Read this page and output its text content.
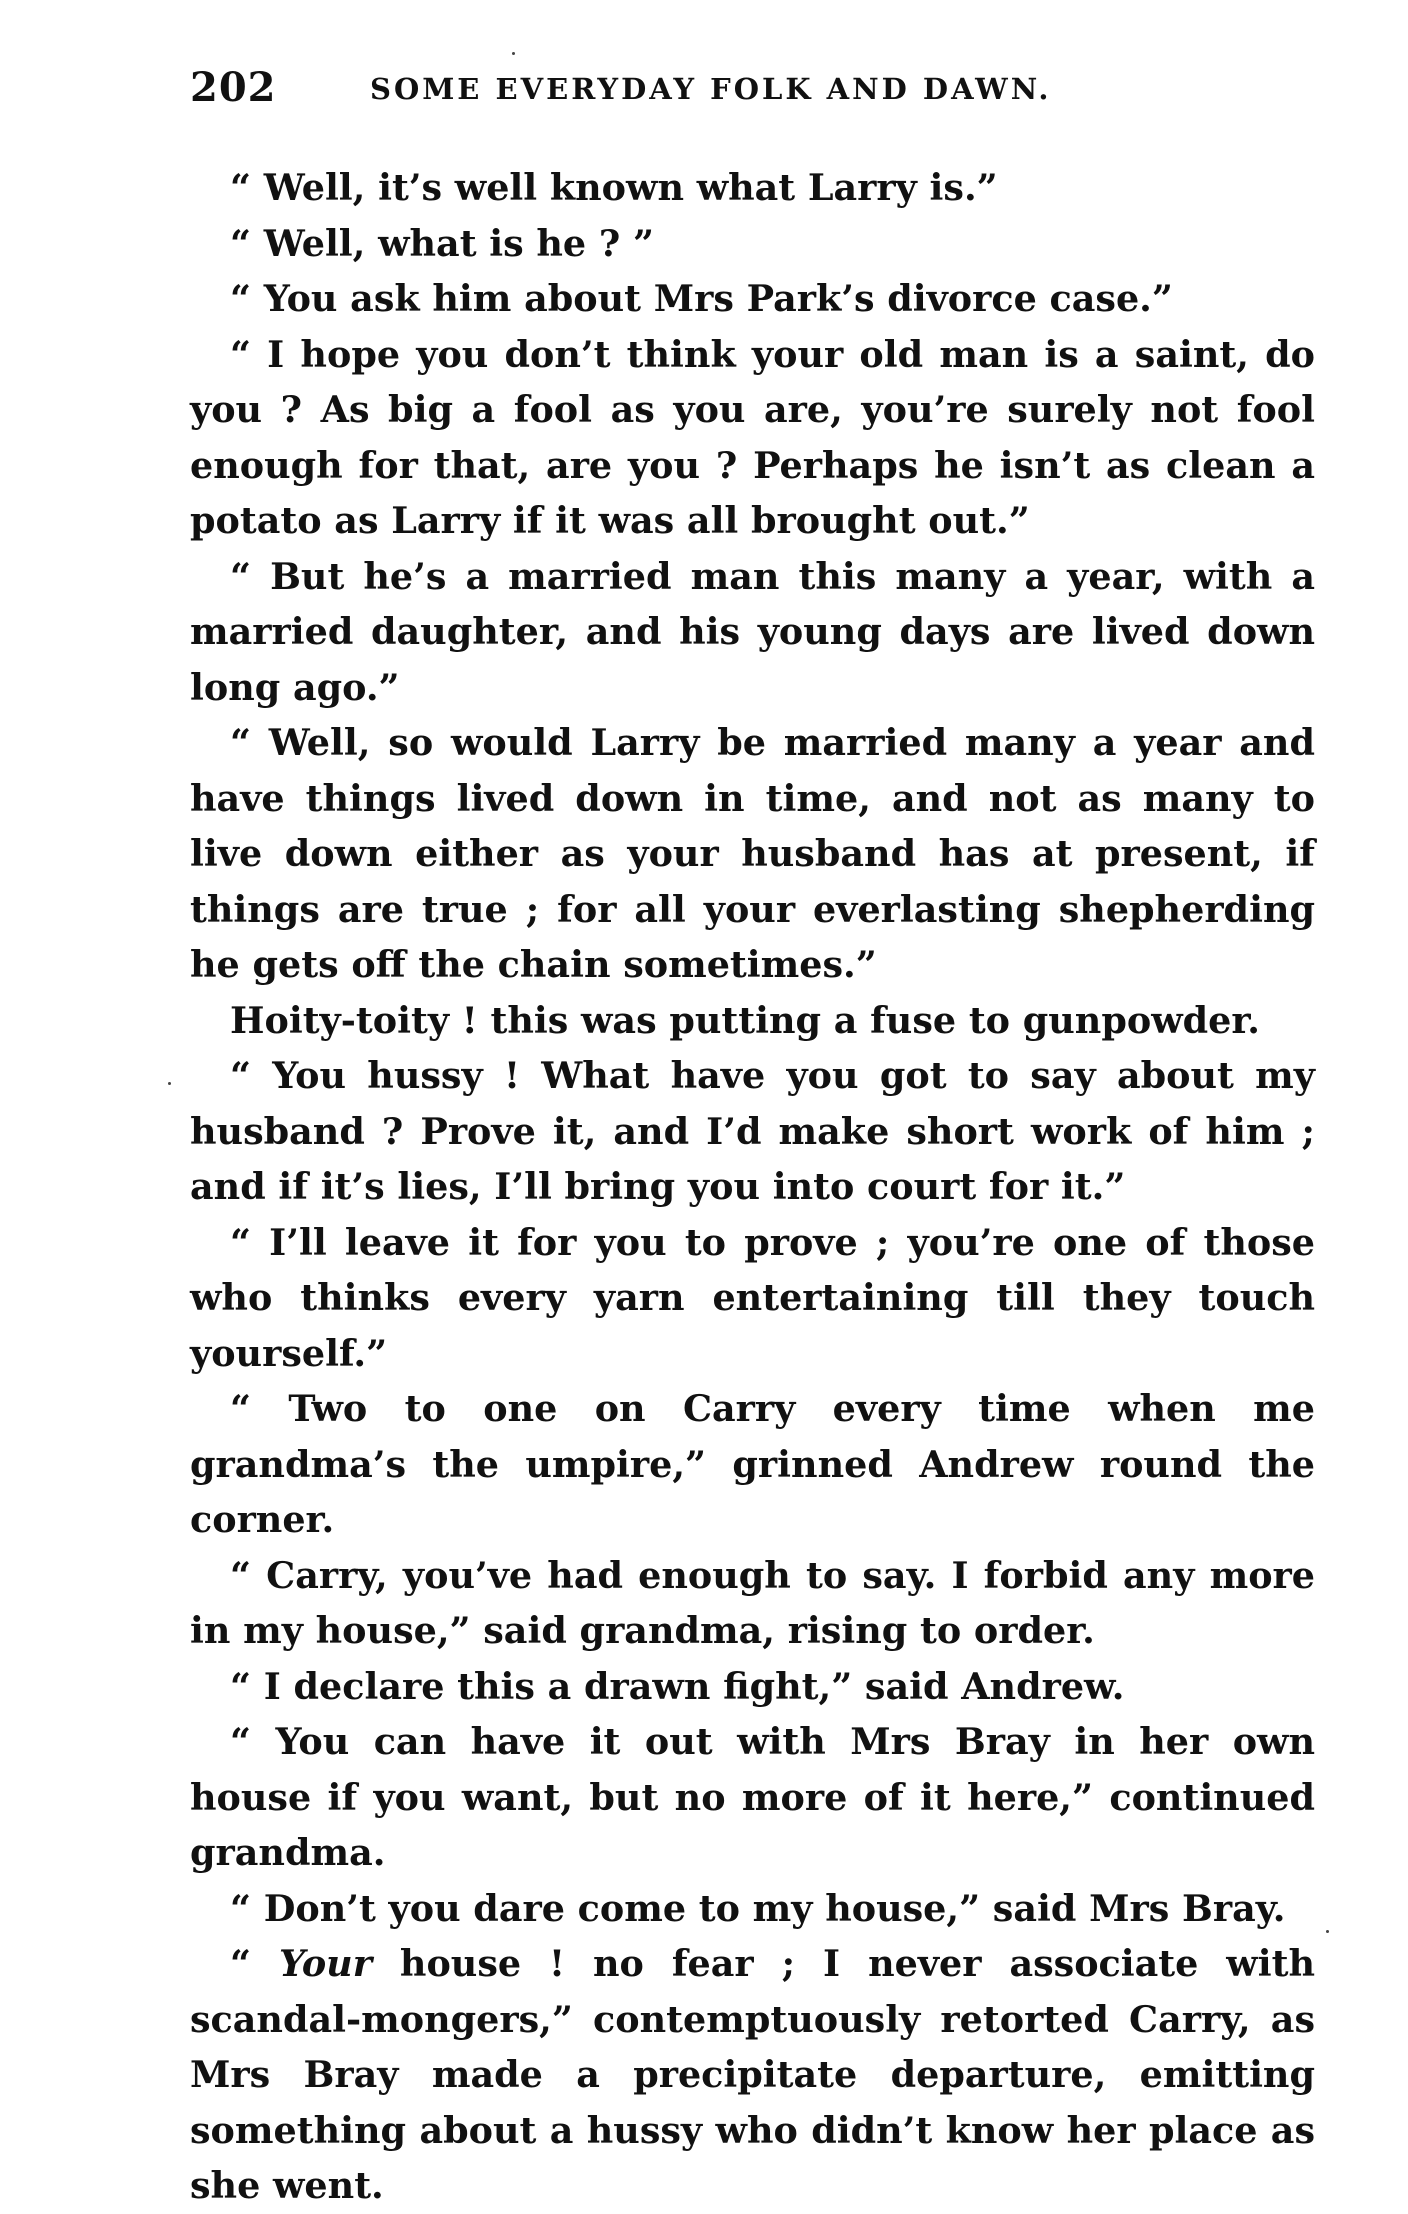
202	SOME EVERYDAY FOLK AND DAWN.

“ Well, it’s well known what Larry is.”

“ Well, what is he ? ”

“ You ask him about Mrs Park’s divorce case.”

“ I hope you don’t think your old man is a saint, do you ? As big a fool as you are, you’re surely not fool enough for that, are you ? Perhaps he isn’t as clean a potato as Larry if it was all brought out.”

“ But he’s a married man this many a year, with a married daughter, and his young days are lived down long ago.”

“ Well, so would Larry be married many a year and have things lived down in time, and not as many to live down either as your husband has at present, if things are true ; for all your everlasting shepherding he gets off the chain sometimes.”

Hoity-toity ! this was putting a fuse to gunpowder.

“ You hussy ! What have you got to say about my husband ? Prove it, and I’d make short work of him ; and if it’s lies, I’ll bring you into court for it.”

“ I’ll leave it for you to prove ; you’re one of those who thinks every yarn entertaining till they touch yourself.”

“ Two to one on Carry every time when me grandma’s the umpire,” grinned Andrew round the corner.

“ Carry, you’ve had enough to say. I forbid any more in my house,” said grandma, rising to order.

“ I declare this a drawn fight,” said Andrew.

“ You can have it out with Mrs Bray in her own house if you want, but no more of it here,” continued grandma.

“ Don’t you dare come to my house,” said Mrs Bray.

“ Your house ! no fear ; I never associate with scandal-mongers,” contemptuously retorted Carry, as Mrs Bray made a precipitate departure, emitting something about a hussy who didn’t know her place as she went.
